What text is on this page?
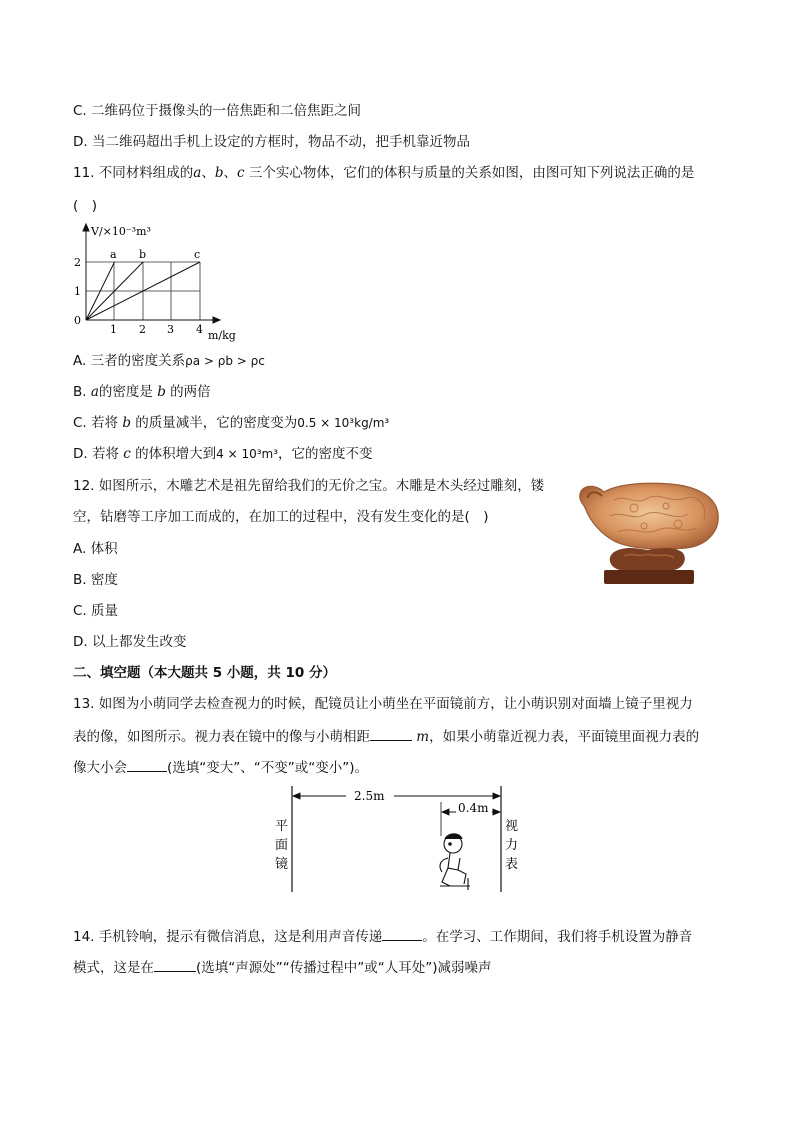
C. 二维码位于摄像头的一倍焦距和二倍焦距之间
D. 当二维码超出手机上设定的方框时，物品不动，把手机靠近物品
11. 不同材料组成的a、b、c 三个实心物体，它们的体积与质量的关系如图，由图可知下列说法正确的是
(　)
V/×10⁻³m³
m/kg
0
2
1
1 2 3 4
a b	c
A. 三者的密度关系ρa > ρb > ρc
B. a的密度是 b 的两倍
C. 若将 b 的质量减半，它的密度变为0.5 × 10³kg/m³
D. 若将 c 的体积增大到4 × 10³m³，它的密度不变
12. 如图所示，木雕艺术是祖先留给我们的无价之宝。木雕是木头经过雕刻，镂
空，钻磨等工序加工而成的，在加工的过程中，没有发生变化的是(　)
A. 体积
B. 密度
C. 质量
D. 以上都发生改变
二、填空题（本大题共 5 小题，共 10 分）
13. 如图为小萌同学去检查视力的时候，配镜员让小萌坐在平面镜前方，让小萌识别对面墙上镜子里视力
表的像，如图所示。视力表在镜中的像与小萌相距	m，如果小萌靠近视力表，平面镜里面视力表的
像大小会	(选填“变大”、“不变”或“变小”)。
2.5m
0.4m
平
面
镜
视
力
表
14. 手机铃响，提示有微信消息，这是利用声音传递	。在学习、工作期间，我们将手机设置为静音
模式，这是在	(选填“声源处”“传播过程中”或“人耳处”)减弱噪声
